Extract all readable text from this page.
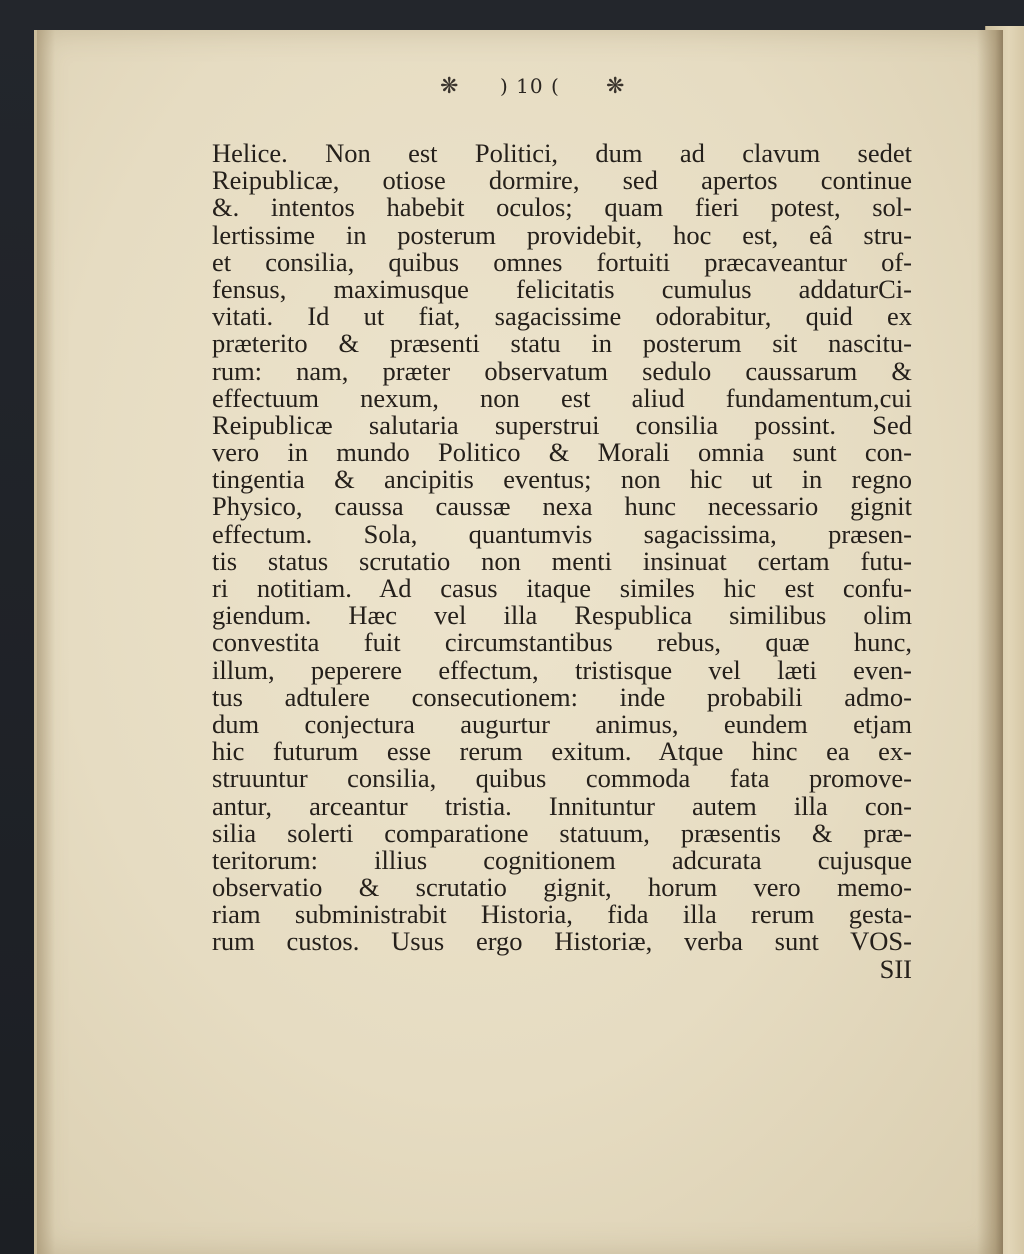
❋ ) 10 ( ❋
Helice. Non est Politici, dum ad clavum sedet
Reipublicæ, otiose dormire, sed apertos continue
&. intentos habebit oculos; quam fieri potest, sol-
lertissime in posterum providebit, hoc est, eâ stru-
et consilia, quibus omnes fortuiti præcaveantur of-
fensus, maximusque felicitatis cumulus addaturCi-
vitati. Id ut fiat, sagacissime odorabitur, quid ex
præterito & præsenti statu in posterum sit nascitu-
rum: nam, præter observatum sedulo caussarum &
effectuum nexum, non est aliud fundamentum,cui
Reipublicæ salutaria superstrui consilia possint. Sed
vero in mundo Politico & Morali omnia sunt con-
tingentia & ancipitis eventus; non hic ut in regno
Physico, caussa caussæ nexa hunc necessario gignit
effectum. Sola, quantumvis sagacissima, præsen-
tis status scrutatio non menti insinuat certam futu-
ri notitiam. Ad casus itaque similes hic est confu-
giendum. Hæc vel illa Respublica similibus olim
convestita fuit circumstantibus rebus, quæ hunc,
illum, peperere effectum, tristisque vel læti even-
tus adtulere consecutionem: inde probabili admo-
dum conjectura augurtur animus, eundem etjam
hic futurum esse rerum exitum. Atque hinc ea ex-
struuntur consilia, quibus commoda fata promove-
antur, arceantur tristia. Innituntur autem illa con-
silia solerti comparatione statuum, præsentis & præ-
teritorum: illius cognitionem adcurata cujusque
observatio & scrutatio gignit, horum vero memo-
riam subministrabit Historia, fida illa rerum gesta-
rum custos. Usus ergo Historiæ, verba sunt VOS-
SII
